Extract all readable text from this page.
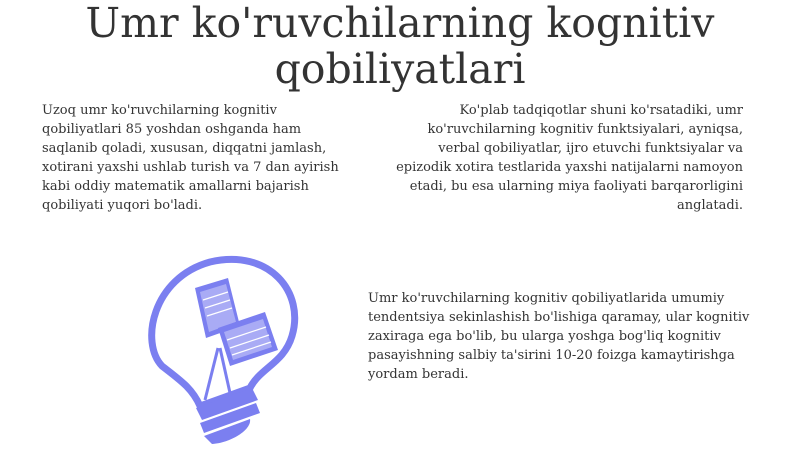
Umr ko'ruvchilarning kognitiv qobiliyatlari

Uzoq umr ko'ruvchilarning kognitiv qobiliyatlari 85 yoshdan oshganda ham saqlanib qoladi, xususan, diqqatni jamlash, xotirani yaxshi ushlab turish va 7 dan ayirish kabi oddiy matematik amallarni bajarish qobiliyati yuqori bo'ladi.

Ko'plab tadqiqotlar shuni ko'rsatadiki, umr ko'ruvchilarning kognitiv funktsiyalari, ayniqsa, verbal qobiliyatlar, ijro etuvchi funktsiyalar va epizodik xotira testlarida yaxshi natijalarni namoyon etadi, bu esa ularning miya faoliyati barqarorligini anglatadi.

Umr ko'ruvchilarning kognitiv qobiliyatlarida umumiy tendentsiya sekinlashish bo'lishiga qaramay, ular kognitiv zaxiraga ega bo'lib, bu ularga yoshga bog'liq kognitiv pasayishning salbiy ta'sirini 10-20 foizga kamaytirishga yordam beradi.
